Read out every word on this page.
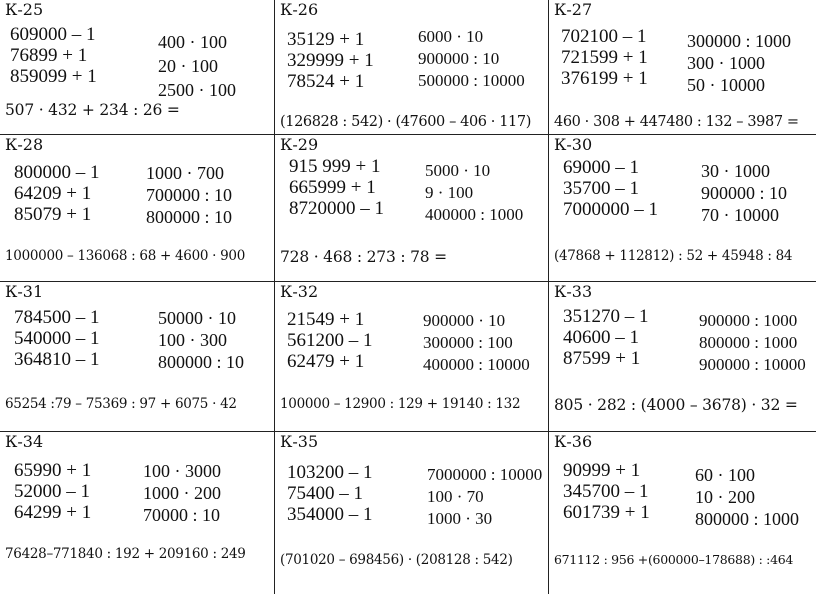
К-25
609000 – 1
76899 + 1
859099 + 1
400 · 100
20 · 100
2500 · 100
507 · 432 + 234 : 26 =
К-26
35129 + 1
329999 + 1
78524 + 1
6000 · 10
900000 : 10
500000 : 10000
(126828 : 542) · (47600 – 406 · 117)
К-27
702100 – 1
721599 + 1
376199 + 1
300000 : 1000
300 · 1000
50 · 10000
460 · 308 + 447480 : 132 – 3987 =
К-28
800000 – 1
64209 + 1
85079 + 1
1000 · 700
700000 : 10
800000 : 10
1000000 – 136068 : 68 + 4600 · 900
К-29
915 999 + 1
665999 + 1
8720000 – 1
5000 · 10
9 · 100
400000 : 1000
728 · 468 : 273 : 78 =
К-30
69000 – 1
35700 – 1
7000000 – 1
30 · 1000
900000 : 10
70 · 10000
(47868 + 112812) : 52 + 45948 : 84
К-31
784500 – 1
540000 – 1
364810 – 1
50000 · 10
100 · 300
800000 : 10
65254 :79 – 75369 : 97 + 6075 · 42
К-32
21549 + 1
561200 – 1
62479 + 1
900000 · 10
300000 : 100
400000 : 10000
100000 – 12900 : 129 + 19140 : 132
К-33
351270 – 1
40600 – 1
87599 + 1
900000 : 1000
800000 : 1000
900000 : 10000
805 · 282 : (4000 – 3678) · 32 =
К-34
65990 + 1
52000 – 1
64299 + 1
100 · 3000
1000 · 200
70000 : 10
76428–771840 : 192 + 209160 : 249
К-35
103200 – 1
75400 – 1
354000 – 1
7000000 : 10000
100 · 70
1000 · 30
(701020 – 698456) · (208128 : 542)
К-36
90999 + 1
345700 – 1
601739 + 1
60 · 100
10 · 200
800000 : 1000
671112 : 956 +(600000–178688) : :464
